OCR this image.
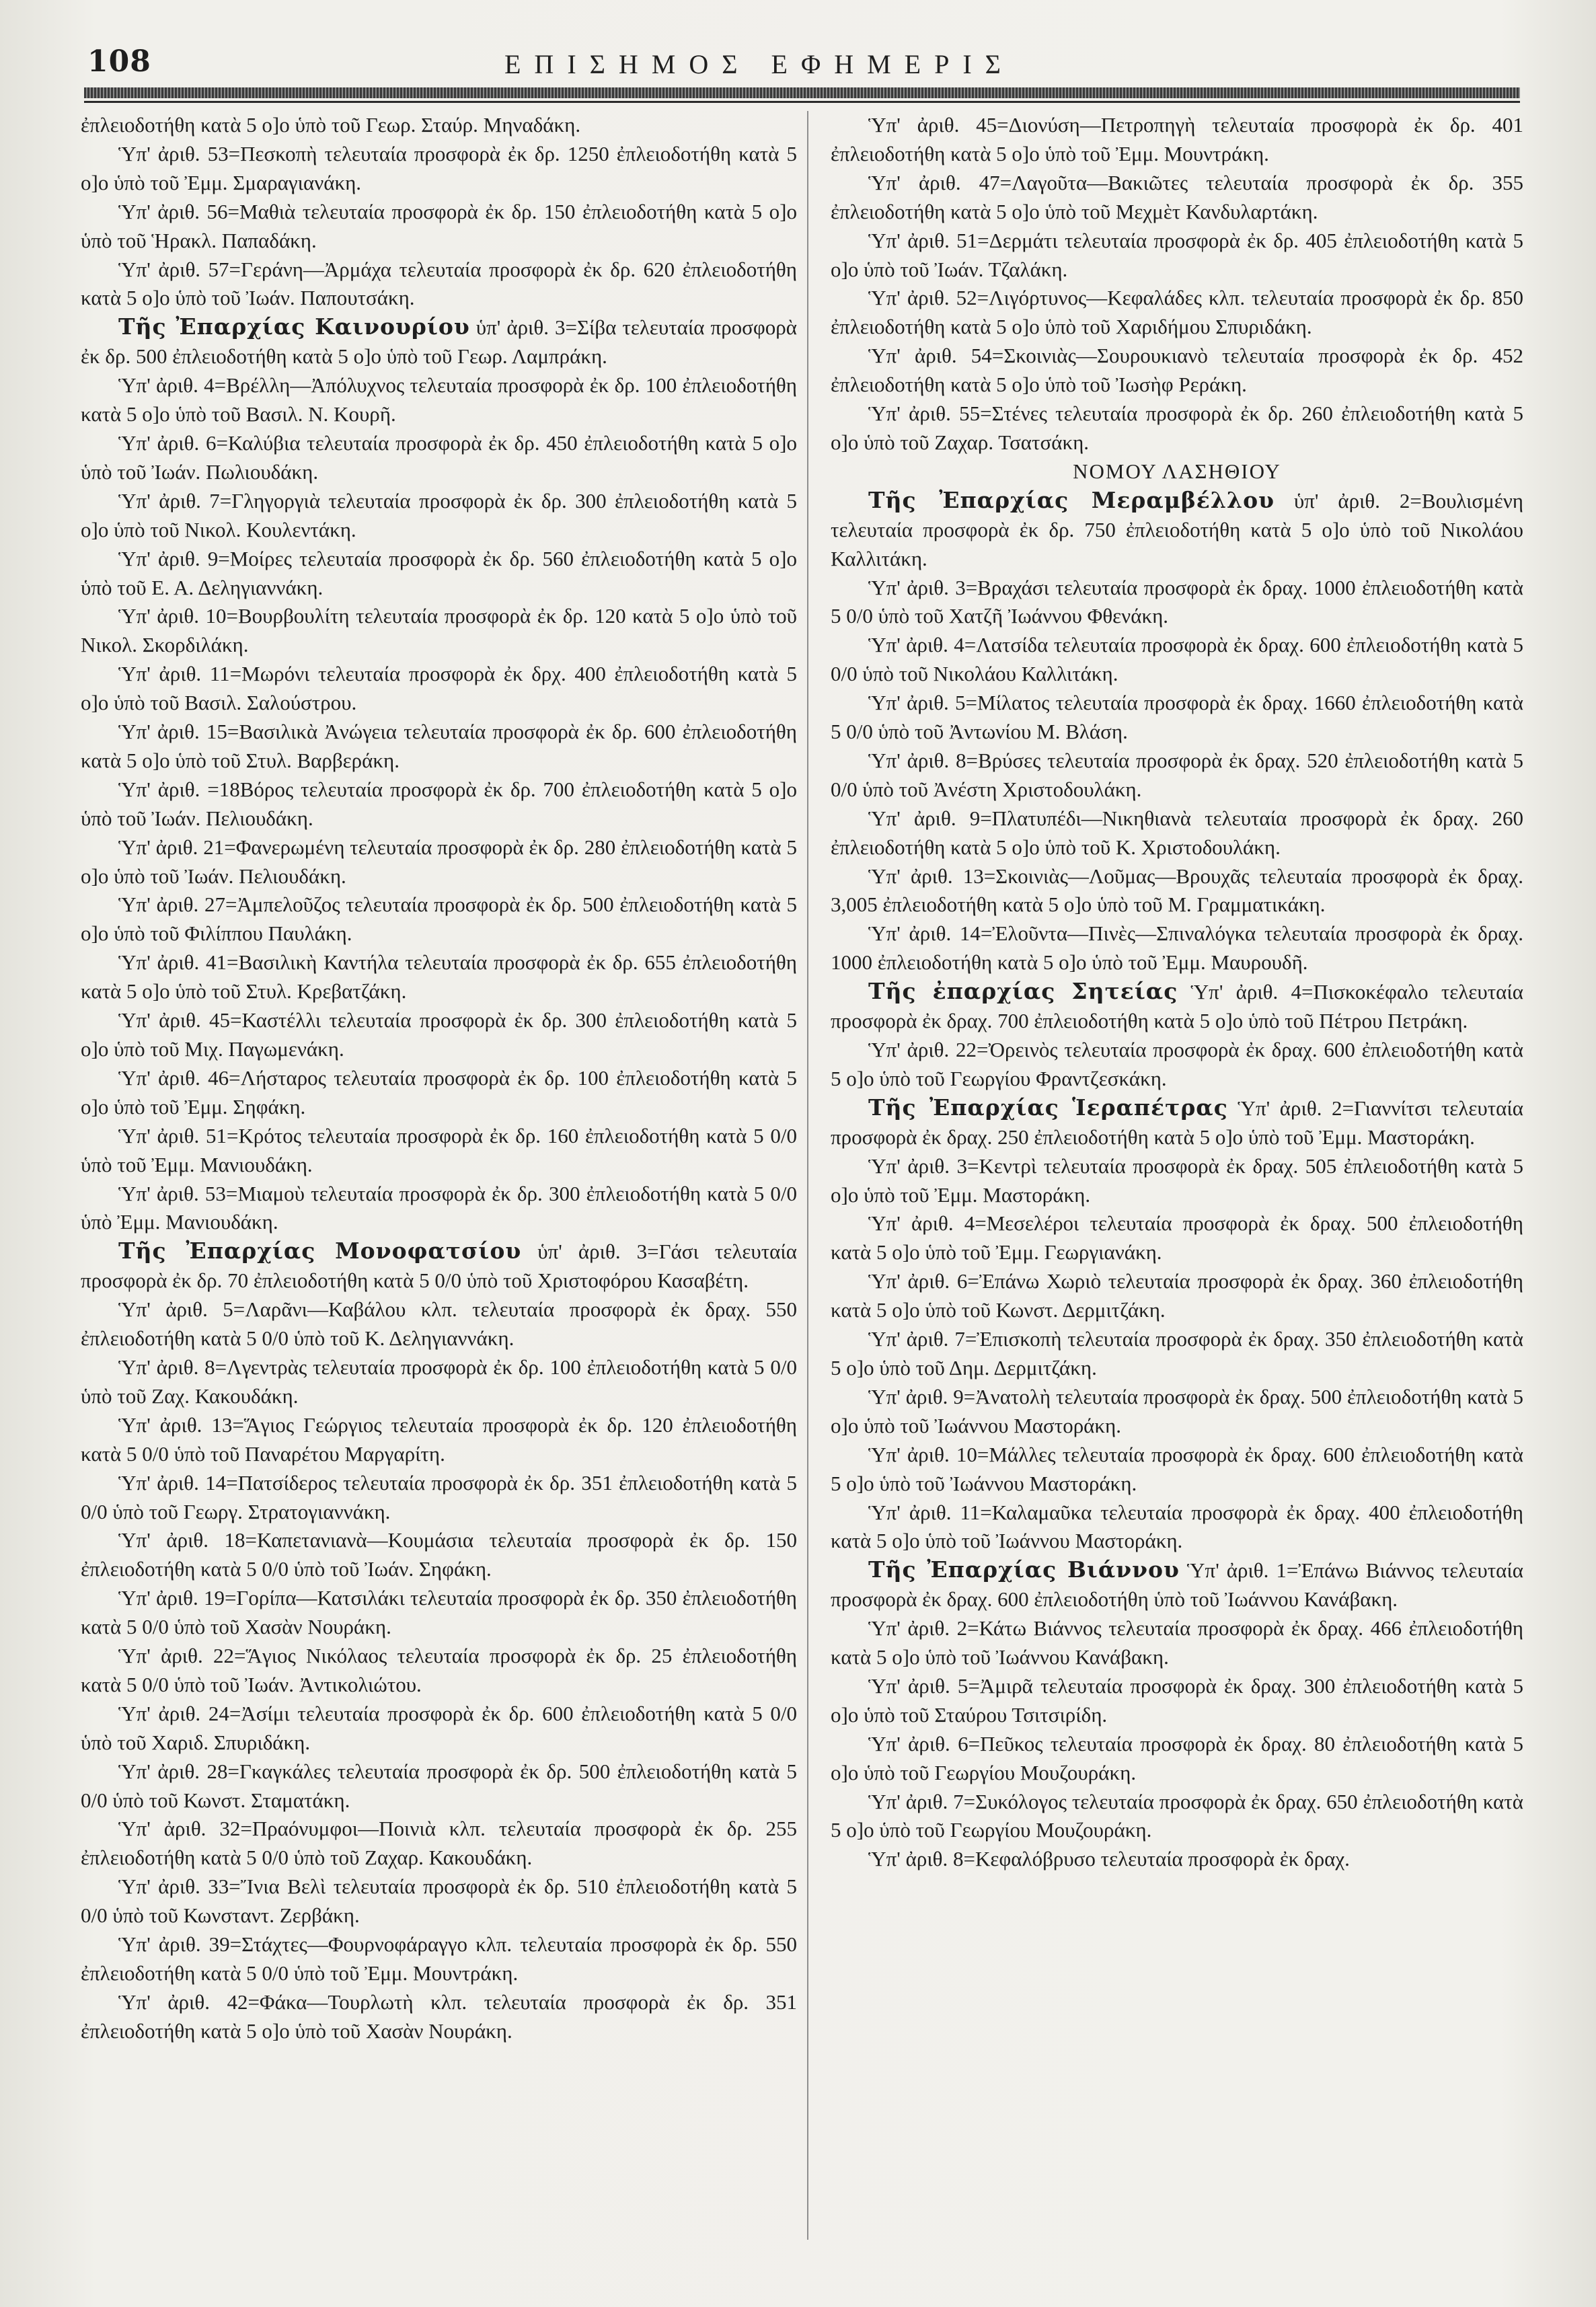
108	ΕΠΙΣΗΜΟΣ ΕΦΗΜΕΡΙΣ

ἐπλειοδοτήθη κατὰ 5 ο]ο ὑπὸ τοῦ Γεωρ. Σταύρ. Μηναδάκη.

Ὑπ' ἀριθ. 53=Πεσκοπὴ τελευταία προσφορὰ ἐκ δρ. 1250 ἐπλειοδοτήθη κατὰ 5 ο]ο ὑπὸ τοῦ Ἐμμ. Σμαραγιανάκη.

Ὑπ' ἀριθ. 56=Μαθιὰ τελευταία προσφορὰ ἐκ δρ. 150 ἐπλειοδοτήθη κατὰ 5 ο]ο ὑπὸ τοῦ Ἡρακλ. Παπαδάκη.

Ὑπ' ἀριθ. 57=Γεράνη—Ἀρμάχα τελευταία προσφορὰ ἐκ δρ. 620 ἐπλειοδοτήθη κατὰ 5 ο]ο ὑπὸ τοῦ Ἰωάν. Παπουτσάκη.

Τῆς Ἐπαρχίας Καινουρίου ὑπ' ἀριθ. 3=Σίβα τελευταία προσφορὰ ἐκ δρ. 500 ἐπλειοδοτήθη κατὰ 5 ο]ο ὑπὸ τοῦ Γεωρ. Λαμπράκη.

Ὑπ' ἀριθ. 4=Βρέλλη—Ἀπόλυχνος τελευταία προσφορὰ ἐκ δρ. 100 ἐπλειοδοτήθη κατὰ 5 ο]ο ὑπὸ τοῦ Βασιλ. Ν. Κουρῆ.

Ὑπ' ἀριθ. 6=Καλύβια τελευταία προσφορὰ ἐκ δρ. 450 ἐπλειοδοτήθη κατὰ 5 ο]ο ὑπὸ τοῦ Ἰωάν. Πωλιουδάκη.

Ὑπ' ἀριθ. 7=Γληγοργιὰ τελευταία προσφορὰ ἐκ δρ. 300 ἐπλειοδοτήθη κατὰ 5 ο]ο ὑπὸ τοῦ Νικολ. Κουλεντάκη.

Ὑπ' ἀριθ. 9=Μοίρες τελευταία προσφορὰ ἐκ δρ. 560 ἐπλειοδοτήθη κατὰ 5 ο]ο ὑπὸ τοῦ Ε. Α. Δεληγιαννάκη.

Ὑπ' ἀριθ. 10=Βουρβουλίτη τελευταία προσφορὰ ἐκ δρ. 120 κατὰ 5 ο]ο ὑπὸ τοῦ Νικολ. Σκορδιλάκη.

Ὑπ' ἀριθ. 11=Μωρόνι τελευταία προσφορὰ ἐκ δρχ. 400 ἐπλειοδοτήθη κατὰ 5 ο]ο ὑπὸ τοῦ Βασιλ. Σαλούστρου.

Ὑπ' ἀριθ. 15=Βασιλικὰ Ἀνώγεια τελευταία προσφορὰ ἐκ δρ. 600 ἐπλειοδοτήθη κατὰ 5 ο]ο ὑπὸ τοῦ Στυλ. Βαρβεράκη.

Ὑπ' ἀριθ. =18Βόρος τελευταία προσφορὰ ἐκ δρ. 700 ἐπλειοδοτήθη κατὰ 5 ο]ο ὑπὸ τοῦ Ἰωάν. Πελιουδάκη.

Ὑπ' ἀριθ. 21=Φανερωμένη τελευταία προσφορὰ ἐκ δρ. 280 ἐπλειοδοτήθη κατὰ 5 ο]ο ὑπὸ τοῦ Ἰωάν. Πελιουδάκη.

Ὑπ' ἀριθ. 27=Ἀμπελοῦζος τελευταία προσφορὰ ἐκ δρ. 500 ἐπλειοδοτήθη κατὰ 5 ο]ο ὑπὸ τοῦ Φιλίππου Παυλάκη.

Ὑπ' ἀριθ. 41=Βασιλικὴ Καντήλα τελευταία προσφορὰ ἐκ δρ. 655 ἐπλειοδοτήθη κατὰ 5 ο]ο ὑπὸ τοῦ Στυλ. Κρεβατζάκη.

Ὑπ' ἀριθ. 45=Καστέλλι τελευταία προσφορὰ ἐκ δρ. 300 ἐπλειοδοτήθη κατὰ 5 ο]ο ὑπὸ τοῦ Μιχ. Παγωμενάκη.

Ὑπ' ἀριθ. 46=Λήσταρος τελευταία προσφορὰ ἐκ δρ. 100 ἐπλειοδοτήθη κατὰ 5 ο]ο ὑπὸ τοῦ Ἐμμ. Σηφάκη.

Ὑπ' ἀριθ. 51=Κρότος τελευταία προσφορὰ ἐκ δρ. 160 ἐπλειοδοτήθη κατὰ 5 0/0 ὑπὸ τοῦ Ἐμμ. Μανιουδάκη.

Ὑπ' ἀριθ. 53=Μιαμοὺ τελευταία προσφορὰ ἐκ δρ. 300 ἐπλειοδοτήθη κατὰ 5 0/0 ὑπὸ Ἐμμ. Μανιουδάκη.

Τῆς Ἐπαρχίας Μονοφατσίου ὑπ' ἀριθ. 3=Γάσι τελευταία προσφορὰ ἐκ δρ. 70 ἐπλειοδοτήθη κατὰ 5 0/0 ὑπὸ τοῦ Χριστοφόρου Κασαβέτη.

Ὑπ' ἀριθ. 5=Λαρᾶνι—Καβάλου κλπ. τελευταία προσφορὰ ἐκ δραχ. 550 ἐπλειοδοτήθη κατὰ 5 0/0 ὑπὸ τοῦ Κ. Δεληγιαννάκη.

Ὑπ' ἀριθ. 8=Λγεντρὰς τελευταία προσφορὰ ἐκ δρ. 100 ἐπλειοδοτήθη κατὰ 5 0/0 ὑπὸ τοῦ Ζαχ. Κακουδάκη.

Ὑπ' ἀριθ. 13=Ἅγιος Γεώργιος τελευταία προσφορὰ ἐκ δρ. 120 ἐπλειοδοτήθη κατὰ 5 0/0 ὑπὸ τοῦ Παναρέτου Μαργαρίτη.

Ὑπ' ἀριθ. 14=Πατσίδερος τελευταία προσφορὰ ἐκ δρ. 351 ἐπλειοδοτήθη κατὰ 5 0/0 ὑπὸ τοῦ Γεωργ. Στρατογιαννάκη.

Ὑπ' ἀριθ. 18=Καπετανιανὰ—Κουμάσια τελευταία προσφορὰ ἐκ δρ. 150 ἐπλειοδοτήθη κατὰ 5 0/0 ὑπὸ τοῦ Ἰωάν. Σηφάκη.

Ὑπ' ἀριθ. 19=Γορίπα—Κατσιλάκι τελευταία προσφορὰ ἐκ δρ. 350 ἐπλειοδοτήθη κατὰ 5 0/0 ὑπὸ τοῦ Χασὰν Νουράκη.

Ὑπ' ἀριθ. 22=Ἅγιος Νικόλαος τελευταία προσφορὰ ἐκ δρ. 25 ἐπλειοδοτήθη κατὰ 5 0/0 ὑπὸ τοῦ Ἰωάν. Ἀντικολιώτου.

Ὑπ' ἀριθ. 24=Ἀσίμι τελευταία προσφορὰ ἐκ δρ. 600 ἐπλειοδοτήθη κατὰ 5 0/0 ὑπὸ τοῦ Χαριδ. Σπυριδάκη.

Ὑπ' ἀριθ. 28=Γκαγκάλες τελευταία προσφορὰ ἐκ δρ. 500 ἐπλειοδοτήθη κατὰ 5 0/0 ὑπὸ τοῦ Κωνστ. Σταματάκη.

Ὑπ' ἀριθ. 32=Πραόνυμφοι—Ποινιὰ κλπ. τελευταία προσφορὰ ἐκ δρ. 255 ἐπλειοδοτήθη κατὰ 5 0/0 ὑπὸ τοῦ Ζαχαρ. Κακουδάκη.

Ὑπ' ἀριθ. 33=Ἴνια Βελὶ τελευταία προσφορὰ ἐκ δρ. 510 ἐπλειοδοτήθη κατὰ 5 0/0 ὑπὸ τοῦ Κωνσταντ. Ζερβάκη.

Ὑπ' ἀριθ. 39=Στάχτες—Φουρνοφάραγγο κλπ. τελευταία προσφορὰ ἐκ δρ. 550 ἐπλειοδοτήθη κατὰ 5 0/0 ὑπὸ τοῦ Ἐμμ. Μουντράκη.

Ὑπ' ἀριθ. 42=Φάκα—Τουρλωτὴ κλπ. τελευταία προσφορὰ ἐκ δρ. 351 ἐπλειοδοτήθη κατὰ 5 ο]ο ὑπὸ τοῦ Χασὰν Νουράκη.

Ὑπ' ἀριθ. 45=Διονύση—Πετροπηγὴ τελευταία προσφορὰ ἐκ δρ. 401 ἐπλειοδοτήθη κατὰ 5 ο]ο ὑπὸ τοῦ Ἐμμ. Μουντράκη.

Ὑπ' ἀριθ. 47=Λαγοῦτα—Βακιῶτες τελευταία προσφορὰ ἐκ δρ. 355 ἐπλειοδοτήθη κατὰ 5 ο]ο ὑπὸ τοῦ Μεχμὲτ Κανδυλαρτάκη.

Ὑπ' ἀριθ. 51=Δερμάτι τελευταία προσφορὰ ἐκ δρ. 405 ἐπλειοδοτήθη κατὰ 5 ο]ο ὑπὸ τοῦ Ἰωάν. Τζαλάκη.

Ὑπ' ἀριθ. 52=Λιγόρτυνος—Κεφαλάδες κλπ. τελευταία προσφορὰ ἐκ δρ. 850 ἐπλειοδοτήθη κατὰ 5 ο]ο ὑπὸ τοῦ Χαριδήμου Σπυριδάκη.

Ὑπ' ἀριθ. 54=Σκοινιὰς—Σουρουκιανὸ τελευταία προσφορὰ ἐκ δρ. 452 ἐπλειοδοτήθη κατὰ 5 ο]ο ὑπὸ τοῦ Ἰωσὴφ Ρεράκη.

Ὑπ' ἀριθ. 55=Στένες τελευταία προσφορὰ ἐκ δρ. 260 ἐπλειοδοτήθη κατὰ 5 ο]ο ὑπὸ τοῦ Ζαχαρ. Τσατσάκη.

ΝΟΜΟΥ ΛΑΣΗΘΙΟΥ

Τῆς Ἐπαρχίας Μεραμβέλλου ὑπ' ἀριθ. 2=Βουλισμένη τελευταία προσφορὰ ἐκ δρ. 750 ἐπλειοδοτήθη κατὰ 5 ο]ο ὑπὸ τοῦ Νικολάου Καλλιτάκη.

Ὑπ' ἀριθ. 3=Βραχάσι τελευταία προσφορὰ ἐκ δραχ. 1000 ἐπλειοδοτήθη κατὰ 5 0/0 ὑπὸ τοῦ Χατζῆ Ἰωάννου Φθενάκη.

Ὑπ' ἀριθ. 4=Λατσίδα τελευταία προσφορὰ ἐκ δραχ. 600 ἐπλειοδοτήθη κατὰ 5 0/0 ὑπὸ τοῦ Νικολάου Καλλιτάκη.

Ὑπ' ἀριθ. 5=Μίλατος τελευταία προσφορὰ ἐκ δραχ. 1660 ἐπλειοδοτήθη κατὰ 5 0/0 ὑπὸ τοῦ Ἀντωνίου Μ. Βλάση.

Ὑπ' ἀριθ. 8=Βρύσες τελευταία προσφορὰ ἐκ δραχ. 520 ἐπλειοδοτήθη κατὰ 5 0/0 ὑπὸ τοῦ Ἀνέστη Χριστοδουλάκη.

Ὑπ' ἀριθ. 9=Πλατυπέδι—Νικηθιανὰ τελευταία προσφορὰ ἐκ δραχ. 260 ἐπλειοδοτήθη κατὰ 5 ο]ο ὑπὸ τοῦ Κ. Χριστοδουλάκη.

Ὑπ' ἀριθ. 13=Σκοινιὰς—Λοῦμας—Βρουχᾶς τελευταία προσφορὰ ἐκ δραχ. 3,005 ἐπλειοδοτήθη κατὰ 5 ο]ο ὑπὸ τοῦ Μ. Γραμματικάκη.

Ὑπ' ἀριθ. 14=Ἐλοῦντα—Πινὲς—Σπιναλόγκα τελευταία προσφορὰ ἐκ δραχ. 1000 ἐπλειοδοτήθη κατὰ 5 ο]ο ὑπὸ τοῦ Ἐμμ. Μαυρουδῆ.

Τῆς ἐπαρχίας Σητείας Ὑπ' ἀριθ. 4=Πισκοκέφαλο τελευταία προσφορὰ ἐκ δραχ. 700 ἐπλειοδοτήθη κατὰ 5 ο]ο ὑπὸ τοῦ Πέτρου Πετράκη.

Ὑπ' ἀριθ. 22=Ὀρεινὸς τελευταία προσφορὰ ἐκ δραχ. 600 ἐπλειοδοτήθη κατὰ 5 ο]ο ὑπὸ τοῦ Γεωργίου Φραντζεσκάκη.

Τῆς Ἐπαρχίας Ἱεραπέτρας Ὑπ' ἀριθ. 2=Γιαννίτσι τελευταία προσφορὰ ἐκ δραχ. 250 ἐπλειοδοτήθη κατὰ 5 ο]ο ὑπὸ τοῦ Ἐμμ. Μαστοράκη.

Ὑπ' ἀριθ. 3=Κεντρὶ τελευταία προσφορὰ ἐκ δραχ. 505 ἐπλειοδοτήθη κατὰ 5 ο]ο ὑπὸ τοῦ Ἐμμ. Μαστοράκη.

Ὑπ' ἀριθ. 4=Μεσελέροι τελευταία προσφορὰ ἐκ δραχ. 500 ἐπλειοδοτήθη κατὰ 5 ο]ο ὑπὸ τοῦ Ἐμμ. Γεωργιανάκη.

Ὑπ' ἀριθ. 6=Ἐπάνω Χωριὸ τελευταία προσφορὰ ἐκ δραχ. 360 ἐπλειοδοτήθη κατὰ 5 ο]ο ὑπὸ τοῦ Κωνστ. Δερμιτζάκη.

Ὑπ' ἀριθ. 7=Ἐπισκοπὴ τελευταία προσφορὰ ἐκ δραχ. 350 ἐπλειοδοτήθη κατὰ 5 ο]ο ὑπὸ τοῦ Δημ. Δερμιτζάκη.

Ὑπ' ἀριθ. 9=Ἀνατολὴ τελευταία προσφορὰ ἐκ δραχ. 500 ἐπλειοδοτήθη κατὰ 5 ο]ο ὑπὸ τοῦ Ἰωάννου Μαστοράκη.

Ὑπ' ἀριθ. 10=Μάλλες τελευταία προσφορὰ ἐκ δραχ. 600 ἐπλειοδοτήθη κατὰ 5 ο]ο ὑπὸ τοῦ Ἰωάννου Μαστοράκη.

Ὑπ' ἀριθ. 11=Καλαμαῦκα τελευταία προσφορὰ ἐκ δραχ. 400 ἐπλειοδοτήθη κατὰ 5 ο]ο ὑπὸ τοῦ Ἰωάννου Μαστοράκη.

Τῆς Ἐπαρχίας Βιάννου Ὑπ' ἀριθ. 1=Ἐπάνω Βιάννος τελευταία προσφορὰ ἐκ δραχ. 600 ἐπλειοδοτήθη ὑπὸ τοῦ Ἰωάννου Κανάβακη.

Ὑπ' ἀριθ. 2=Κάτω Βιάννος τελευταία προσφορὰ ἐκ δραχ. 466 ἐπλειοδοτήθη κατὰ 5 ο]ο ὑπὸ τοῦ Ἰωάννου Κανάβακη.

Ὑπ' ἀριθ. 5=Ἀμιρᾶ τελευταία προσφορὰ ἐκ δραχ. 300 ἐπλειοδοτήθη κατὰ 5 ο]ο ὑπὸ τοῦ Σταύρου Τσιτσιρίδη.

Ὑπ' ἀριθ. 6=Πεῦκος τελευταία προσφορὰ ἐκ δραχ. 80 ἐπλειοδοτήθη κατὰ 5 ο]ο ὑπὸ τοῦ Γεωργίου Μουζουράκη.

Ὑπ' ἀριθ. 7=Συκόλογος τελευταία προσφορὰ ἐκ δραχ. 650 ἐπλειοδοτήθη κατὰ 5 ο]ο ὑπὸ τοῦ Γεωργίου Μουζουράκη.

Ὑπ' ἀριθ. 8=Κεφαλόβρυσο τελευταία προσφορὰ ἐκ δραχ.
